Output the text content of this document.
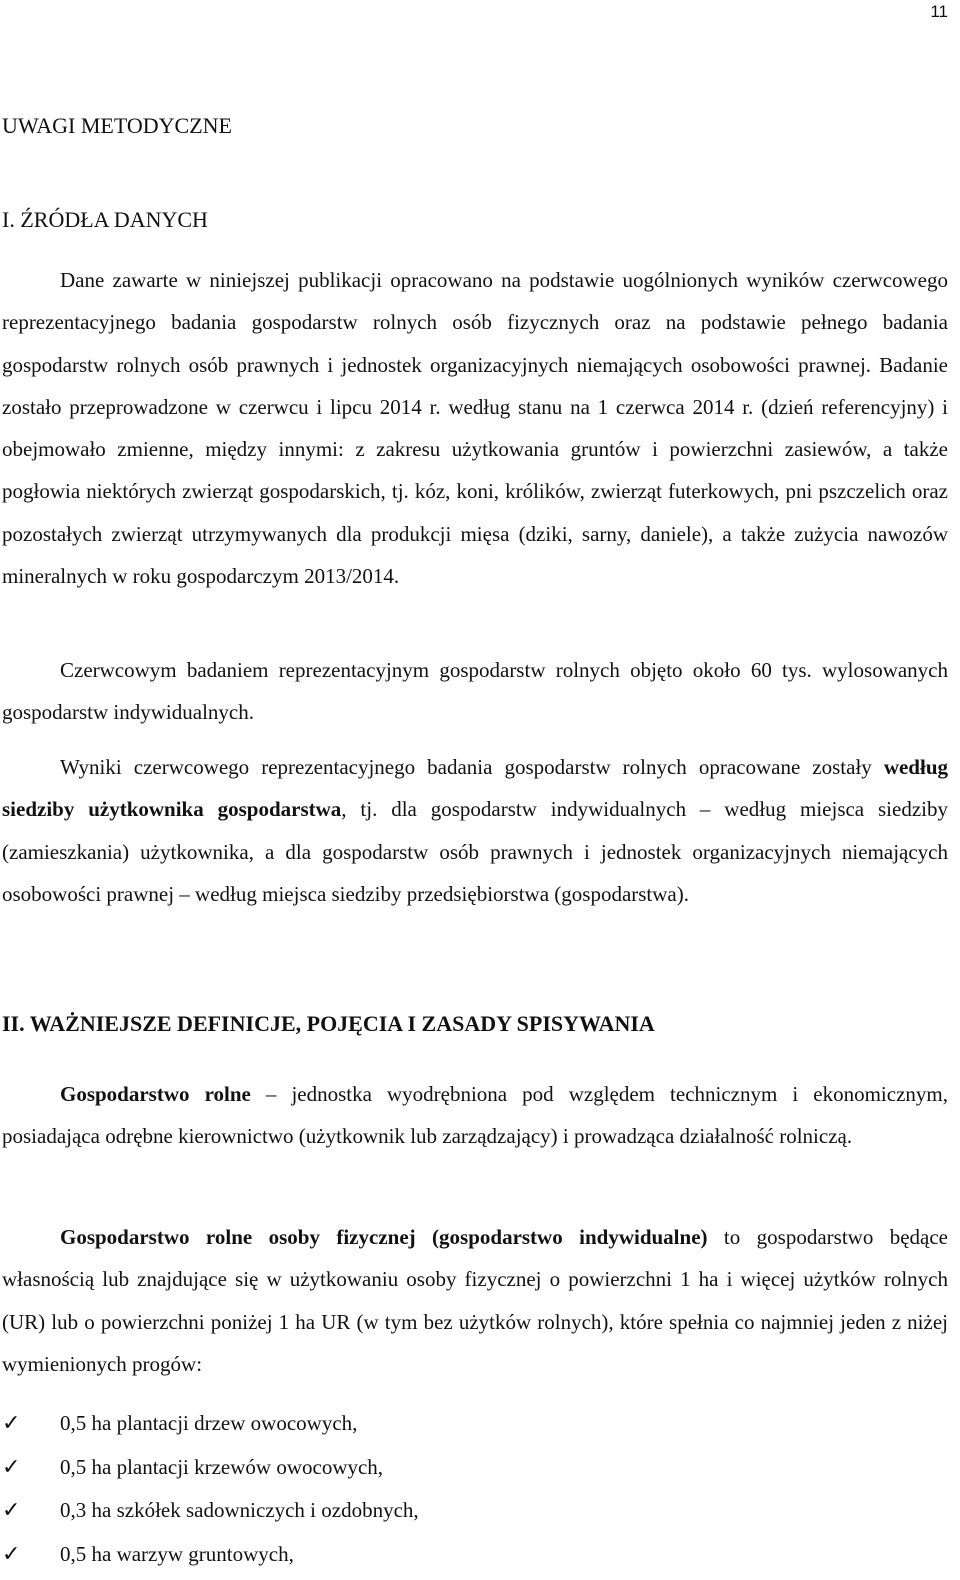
11
UWAGI METODYCZNE
I. ŹRÓDŁA DANYCH

Dane zawarte w niniejszej publikacji opracowano na podstawie uogólnionych wyników czerwcowego reprezentacyjnego badania gospodarstw rolnych osób fizycznych oraz na podstawie pełnego badania gospodarstw rolnych osób prawnych i jednostek organizacyjnych niemających osobowości prawnej. Badanie zostało przeprowadzone w czerwcu i lipcu 2014 r. według stanu na 1 czerwca 2014 r. (dzień referencyjny) i obejmowało zmienne, między innymi: z zakresu użytkowania gruntów i powierzchni zasiewów, a także pogłowia niektórych zwierząt gospodarskich, tj. kóz, koni, królików, zwierząt futerkowych, pni pszczelich oraz pozostałych zwierząt utrzymywanych dla produkcji mięsa (dziki, sarny, daniele), a także zużycia nawozów mineralnych w roku gospodarczym 2013/2014.

Czerwcowym badaniem reprezentacyjnym gospodarstw rolnych objęto około 60 tys. wylosowanych gospodarstw indywidualnych.

Wyniki czerwcowego reprezentacyjnego badania gospodarstw rolnych opracowane zostały według siedziby użytkownika gospodarstwa, tj. dla gospodarstw indywidualnych – według miejsca siedziby (zamieszkania) użytkownika, a dla gospodarstw osób prawnych i jednostek organizacyjnych niemających osobowości prawnej – według miejsca siedziby przedsiębiorstwa (gospodarstwa).

II. WAŻNIEJSZE DEFINICJE, POJĘCIA I ZASADY SPISYWANIA

Gospodarstwo rolne – jednostka wyodrębniona pod względem technicznym i ekonomicznym, posiadająca odrębne kierownictwo (użytkownik lub zarządzający) i prowadząca działalność rolniczą.

Gospodarstwo rolne osoby fizycznej (gospodarstwo indywidualne) to gospodarstwo będące własnością lub znajdujące się w użytkowaniu osoby fizycznej o powierzchni 1 ha i więcej użytków rolnych (UR) lub o powierzchni poniżej 1 ha UR (w tym bez użytków rolnych), które spełnia co najmniej jeden z niżej wymienionych progów:

✓ 0,5 ha plantacji drzew owocowych,
✓ 0,5 ha plantacji krzewów owocowych,
✓ 0,3 ha szkółek sadowniczych i ozdobnych,
✓ 0,5 ha warzyw gruntowych,
